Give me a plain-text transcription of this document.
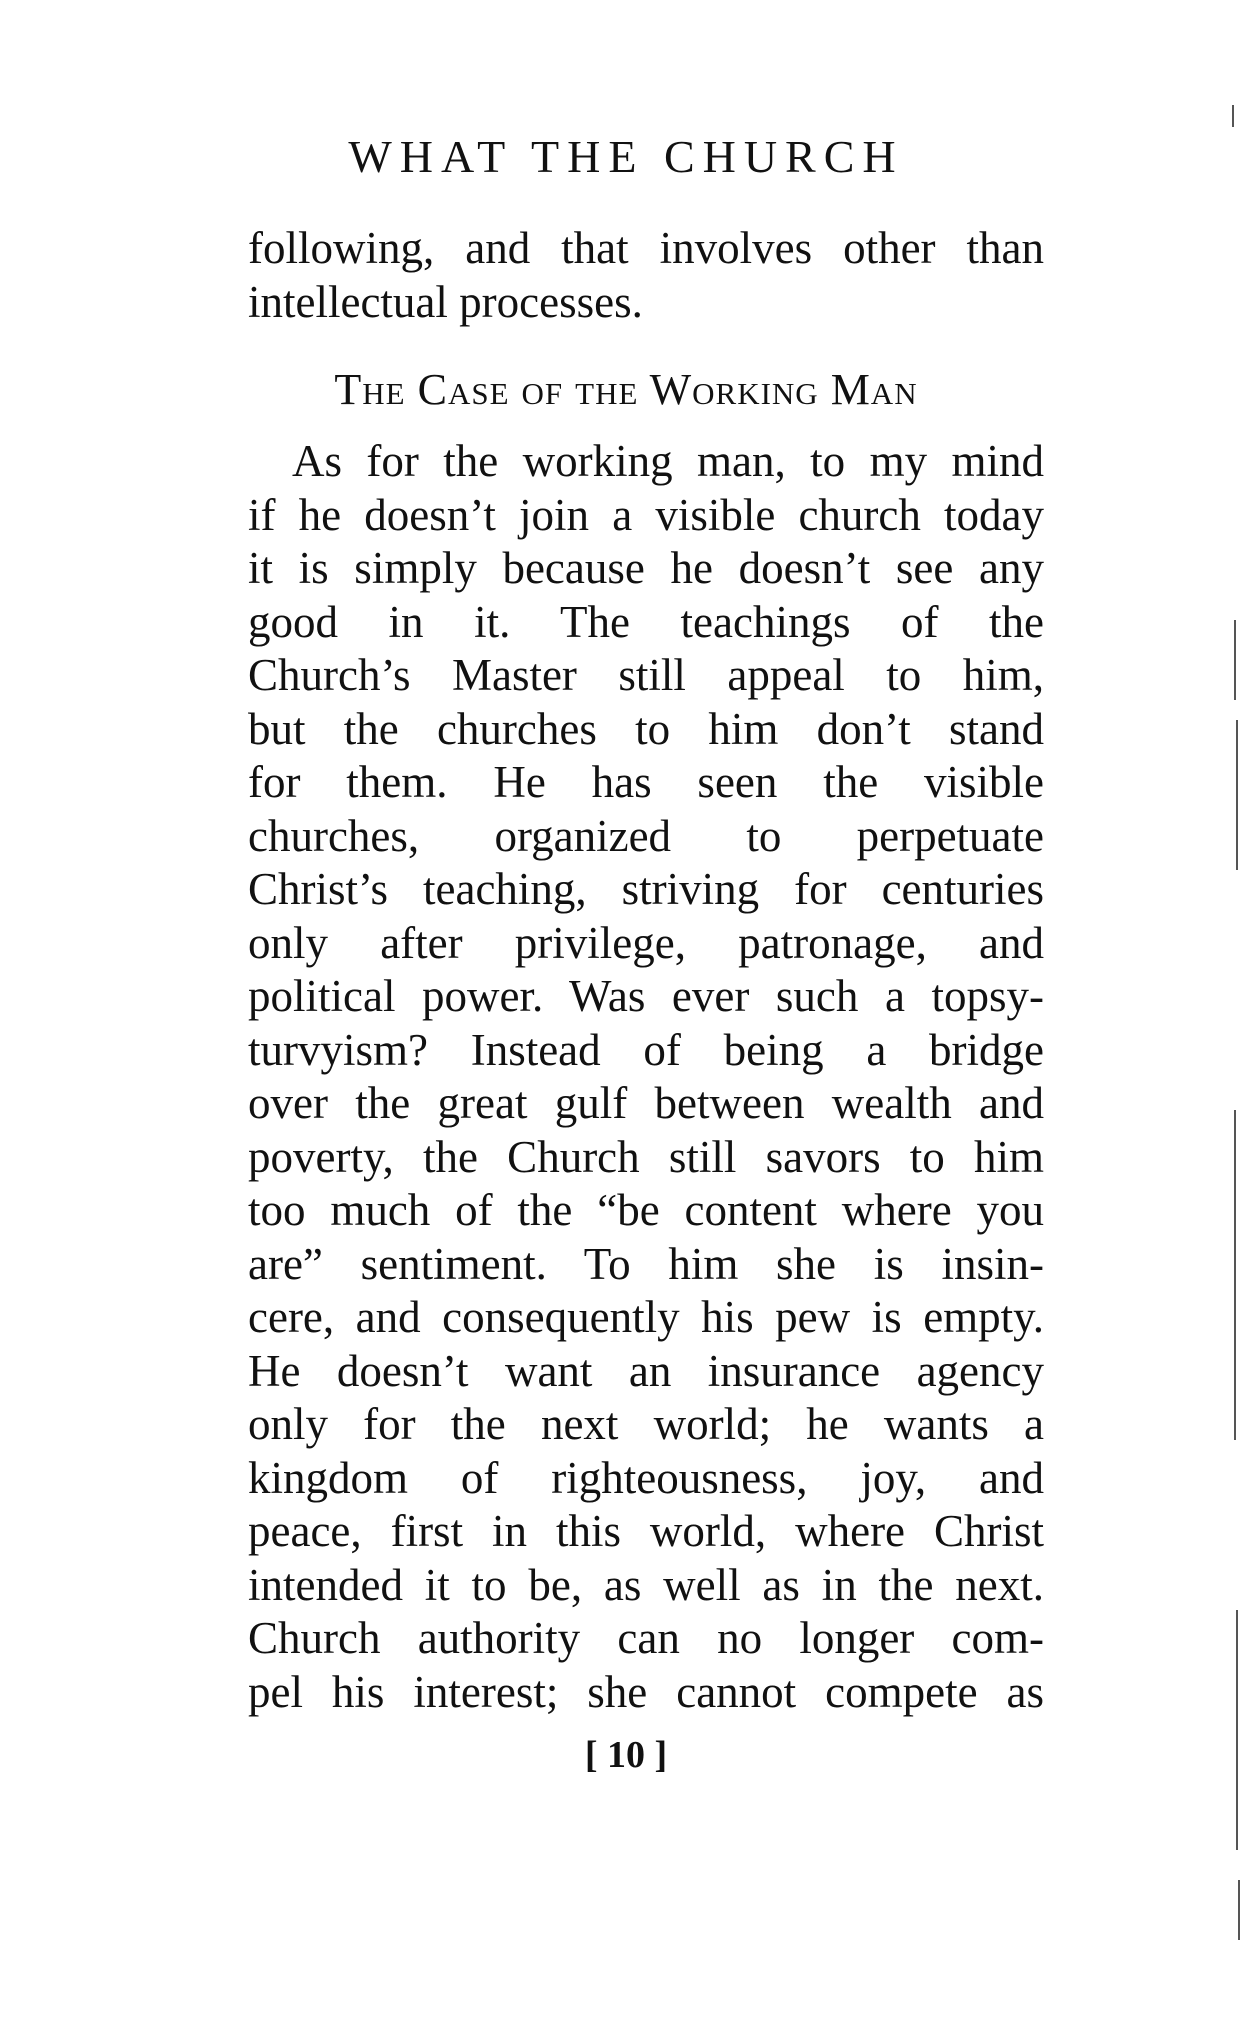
WHAT THE CHURCH
following, and that involves other than
intellectual processes.
The Case of the Working Man
As for the working man, to my mind
if he doesn’t join a visible church today
it is simply because he doesn’t see any
good in it. The teachings of the
Church’s Master still appeal to him,
but the churches to him don’t stand
for them. He has seen the visible
churches, organized to perpetuate
Christ’s teaching, striving for centuries
only after privilege, patronage, and
political power. Was ever such a topsy-
turvyism? Instead of being a bridge
over the great gulf between wealth and
poverty, the Church still savors to him
too much of the “be content where you
are” sentiment. To him she is insin-
cere, and consequently his pew is empty.
He doesn’t want an insurance agency
only for the next world; he wants a
kingdom of righteousness, joy, and
peace, first in this world, where Christ
intended it to be, as well as in the next.
Church authority can no longer com-
pel his interest; she cannot compete as
[ 10 ]
